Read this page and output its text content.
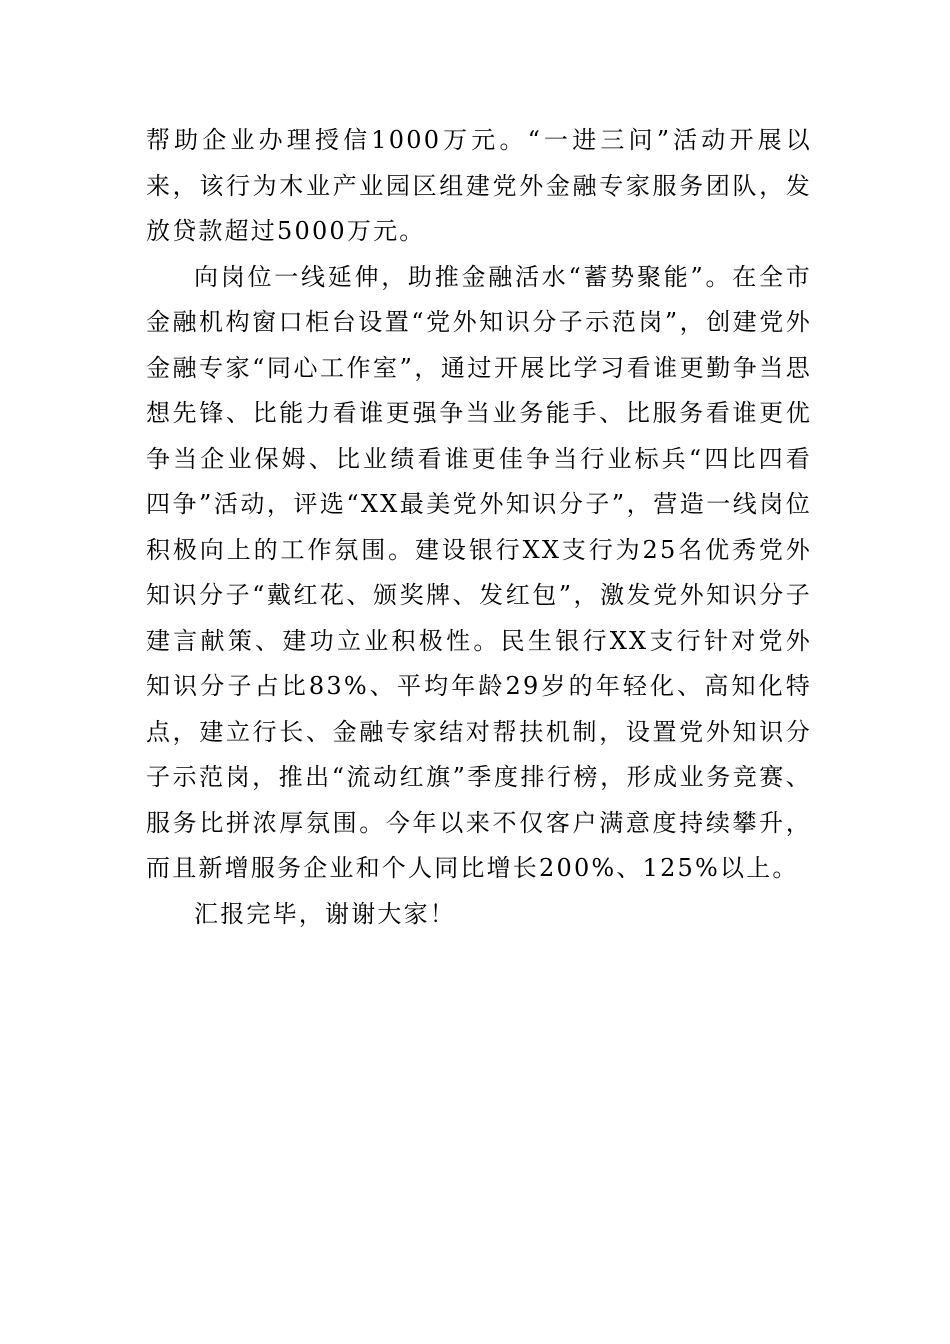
帮助企业办理授信1000万元。“一进三问”活动开展以来，该行为木业产业园区组建党外金融专家服务团队，发放贷款超过5000万元。

向岗位一线延伸，助推金融活水“蓄势聚能”。在全市金融机构窗口柜台设置“党外知识分子示范岗”，创建党外金融专家“同心工作室”，通过开展比学习看谁更勤争当思想先锋、比能力看谁更强争当业务能手、比服务看谁更优争当企业保姆、比业绩看谁更佳争当行业标兵“四比四看四争”活动，评选“XX最美党外知识分子”，营造一线岗位积极向上的工作氛围。建设银行XX支行为25名优秀党外知识分子“戴红花、颁奖牌、发红包”，激发党外知识分子建言献策、建功立业积极性。民生银行XX支行针对党外知识分子占比83%、平均年龄29岁的年轻化、高知化特点，建立行长、金融专家结对帮扶机制，设置党外知识分子示范岗，推出“流动红旗”季度排行榜，形成业务竞赛、服务比拼浓厚氛围。今年以来不仅客户满意度持续攀升，而且新增服务企业和个人同比增长200%、125%以上。

汇报完毕，谢谢大家！
